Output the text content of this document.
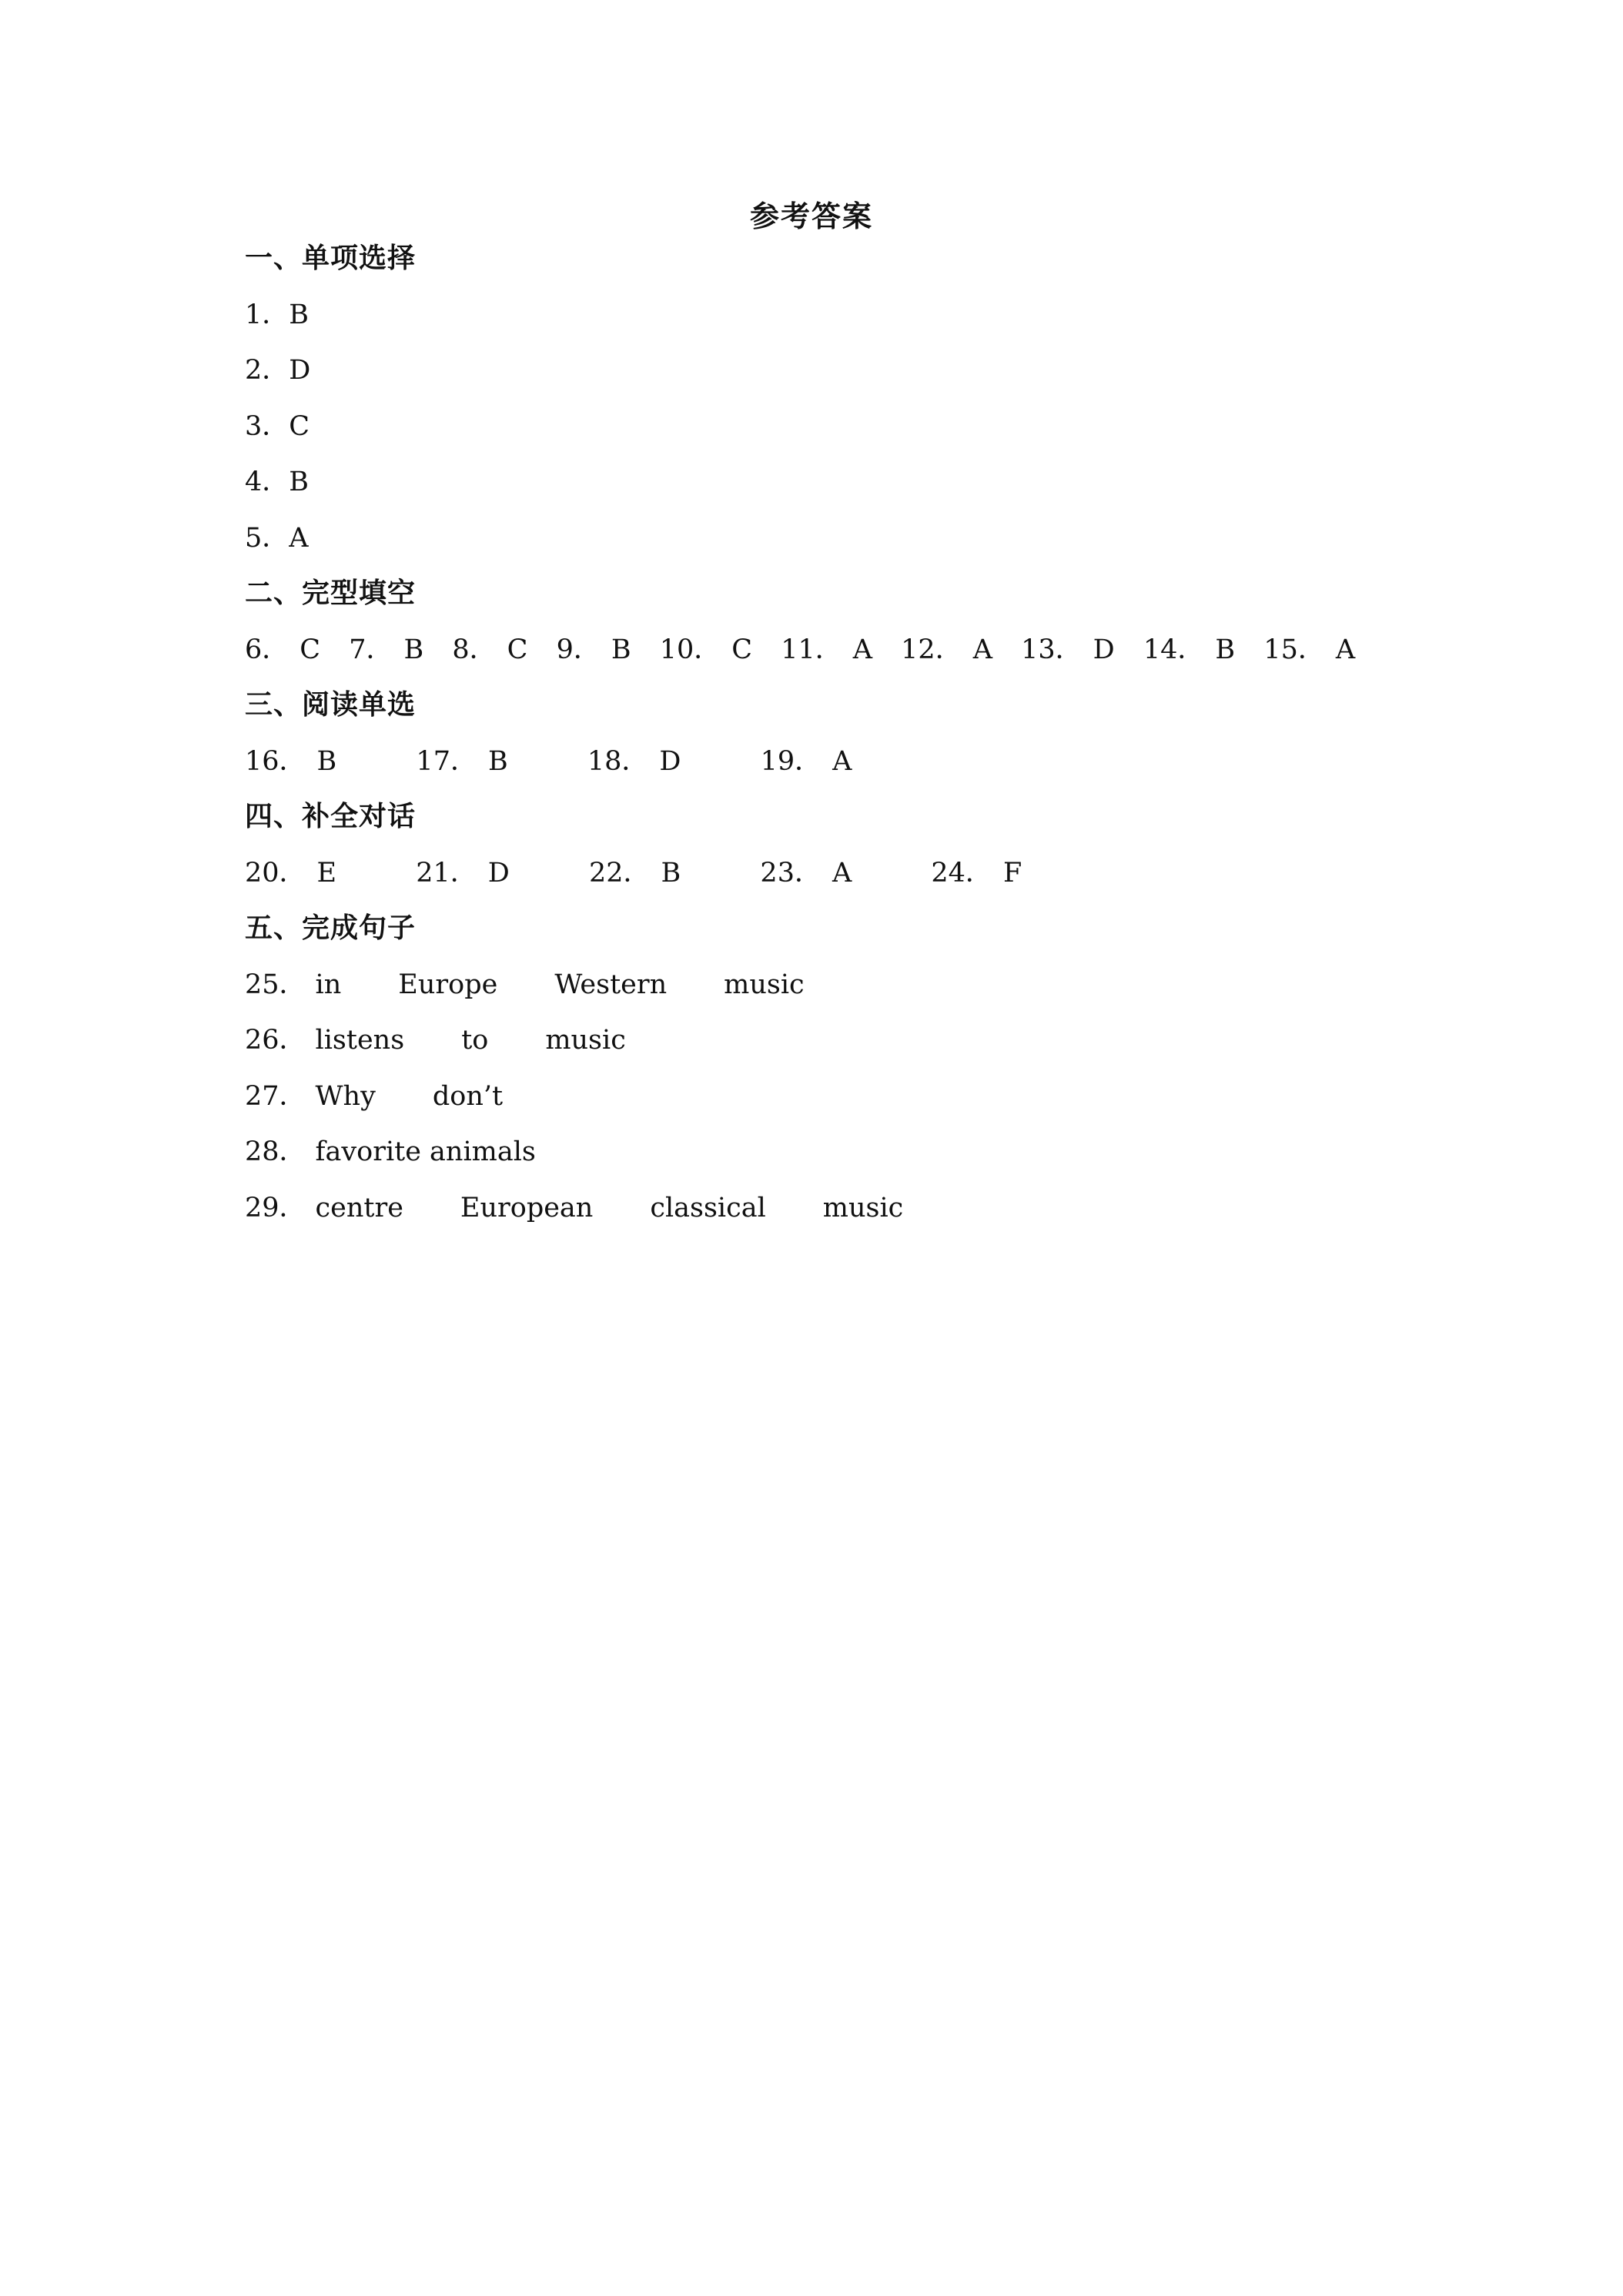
参考答案
一、单项选择
1．B
2．D
3．C
4．B
5．A
二、完型填空
6． C 7． B 8． C 9． B 10． C 11． A 12． A 13． D 14． B 15． A
三、阅读单选
16． B	17． B	18． D	19． A
四、补全对话
20． E	21． D	22． B	23． A	24． F
五、完成句子
25． in Europe Western music
26． listens to music
27． Why don’t
28． favorite animals
29． centre European classical music
